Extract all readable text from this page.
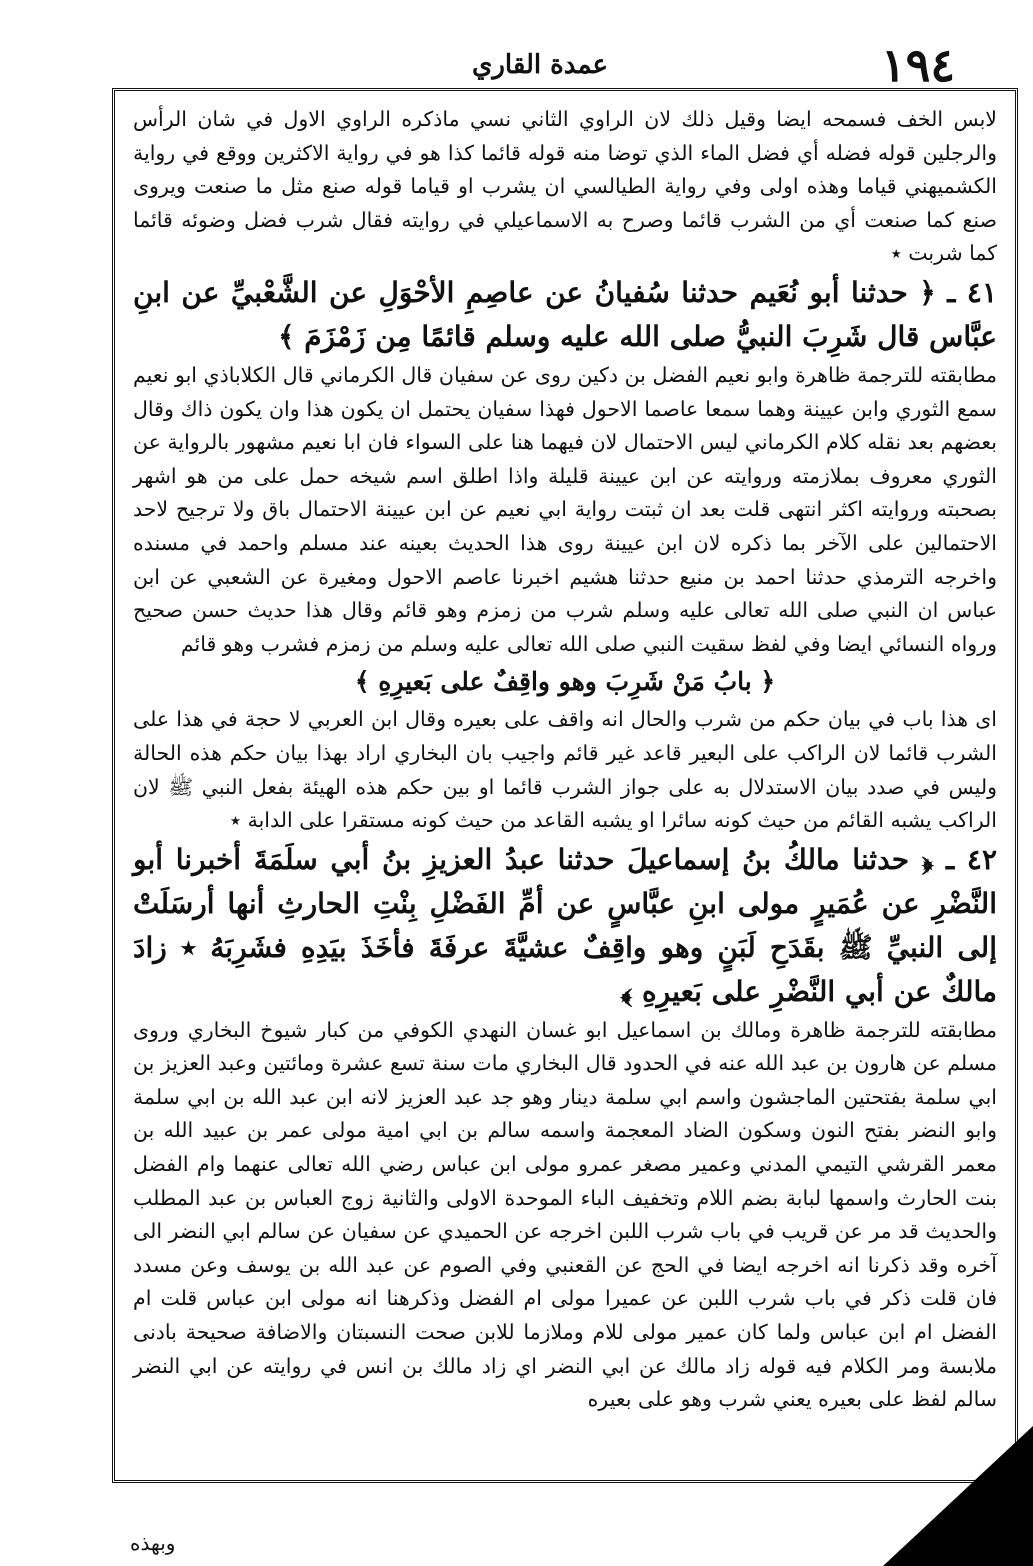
١٩٤
عمدة القاري

لابس الخف فسمحه ايضا وقيل ذلك لان الراوي الثاني نسي ماذكره الراوي الاول في شان الرأس والرجلين قوله فضله أي فضل الماء الذي توضا منه قوله قائما كذا هو في رواية الاكثرين ووقع في رواية الكشميهني قياما وهذه اولى وفي رواية الطيالسي ان يشرب او قياما قوله صنع مثل ما صنعت ويروى صنع كما صنعت أي من الشرب قائما وصرح به الاسماعيلي في روايته فقال شرب فضل وضوئه قائما كما شربت ٭

٤١ ـ ﴿ حدثنا أبو نُعَيم حدثنا سُفيانُ عن عاصِمِ الأحْوَلِ عن الشَّعْبيِّ عن ابنِ عبَّاس قال شَرِبَ النبيُّ صلى الله عليه وسلم قائمًا مِن زَمْزَمَ ﴾

مطابقته للترجمة ظاهرة وابو نعيم الفضل بن دكين روى عن سفيان قال الكرماني قال الكلاباذي ابو نعيم سمع الثوري وابن عيينة وهما سمعا عاصما الاحول فهذا سفيان يحتمل ان يكون هذا وان يكون ذاك وقال بعضهم بعد نقله كلام الكرماني ليس الاحتمال لان فيهما هنا على السواء فان ابا نعيم مشهور بالرواية عن الثوري معروف بملازمته وروايته عن ابن عيينة قليلة واذا اطلق اسم شيخه حمل على من هو اشهر بصحبته وروايته اكثر انتهى قلت بعد ان ثبتت رواية ابي نعيم عن ابن عيينة الاحتمال باق ولا ترجيح لاحد الاحتمالين على الآخر بما ذكره لان ابن عيينة روى هذا الحديث بعينه عند مسلم واحمد في مسنده واخرجه الترمذي حدثنا احمد بن منيع حدثنا هشيم اخبرنا عاصم الاحول ومغيرة عن الشعبي عن ابن عباس ان النبي صلى الله تعالى عليه وسلم شرب من زمزم وهو قائم وقال هذا حديث حسن صحيح ورواه النسائي ايضا وفي لفظ سقيت النبي صلى الله تعالى عليه وسلم من زمزم فشرب وهو قائم

﴿ بابُ مَنْ شَرِبَ وهو واقِفٌ على بَعيرِهِ ﴾

اى هذا باب في بيان حكم من شرب والحال انه واقف على بعيره وقال ابن العربي لا حجة في هذا على الشرب قائما لان الراكب على البعير قاعد غير قائم واجيب بان البخاري اراد بهذا بيان حكم هذه الحالة وليس في صدد بيان الاستدلال به على جواز الشرب قائما او بين حكم هذه الهيئة بفعل النبي ﷺ لان الراكب يشبه القائم من حيث كونه سائرا او يشبه القاعد من حيث كونه مستقرا على الدابة ٭

٤٢ ـ ﴿ حدثنا مالكُ بنُ إسماعيلَ حدثنا عبدُ العزيزِ بنُ أبي سلَمَةَ أخبرنا أبو النَّضْرِ عن عُمَيرٍ مولى ابنِ عبَّاسٍ عن أمِّ الفَضْلِ بِنْتِ الحارثِ أنها أرسَلَتْ إلى النبيِّ ﷺ بقَدَحِ لَبَنٍ وهو واقِفٌ عشيَّةَ عرفَةَ فأخَذَ بيَدِهِ فشَرِبَهُ ٭ زادَ مالكٌ عن أبي النَّضْرِ على بَعيرِهِ ﴾

مطابقته للترجمة ظاهرة ومالك بن اسماعيل ابو غسان النهدي الكوفي من كبار شيوخ البخاري وروى مسلم عن هارون بن عبد الله عنه في الحدود قال البخاري مات سنة تسع عشرة ومائتين وعبد العزيز بن ابي سلمة بفتحتين الماجشون واسم ابي سلمة دينار وهو جد عبد العزيز لانه ابن عبد الله بن ابي سلمة وابو النضر بفتح النون وسكون الضاد المعجمة واسمه سالم بن ابي امية مولى عمر بن عبيد الله بن معمر القرشي التيمي المدني وعمير مصغر عمرو مولى ابن عباس رضي الله تعالى عنهما وام الفضل بنت الحارث واسمها لبابة بضم اللام وتخفيف الباء الموحدة الاولى والثانية زوج العباس بن عبد المطلب والحديث قد مر عن قريب في باب شرب اللبن اخرجه عن الحميدي عن سفيان عن سالم ابي النضر الى آخره وقد ذكرنا انه اخرجه ايضا في الحج عن القعنبي وفي الصوم عن عبد الله بن يوسف وعن مسدد فان قلت ذكر في باب شرب اللبن عن عميرا مولى ام الفضل وذكرهنا انه مولى ابن عباس قلت ام الفضل ام ابن عباس ولما كان عمير مولى للام وملازما للابن صحت النسبتان والاضافة صحيحة بادنى ملابسة ومر الكلام فيه قوله زاد مالك عن ابي النضر اي زاد مالك بن انس في روايته عن ابي النضر سالم لفظ على بعيره يعني شرب وهو على بعيره

وبهذه
